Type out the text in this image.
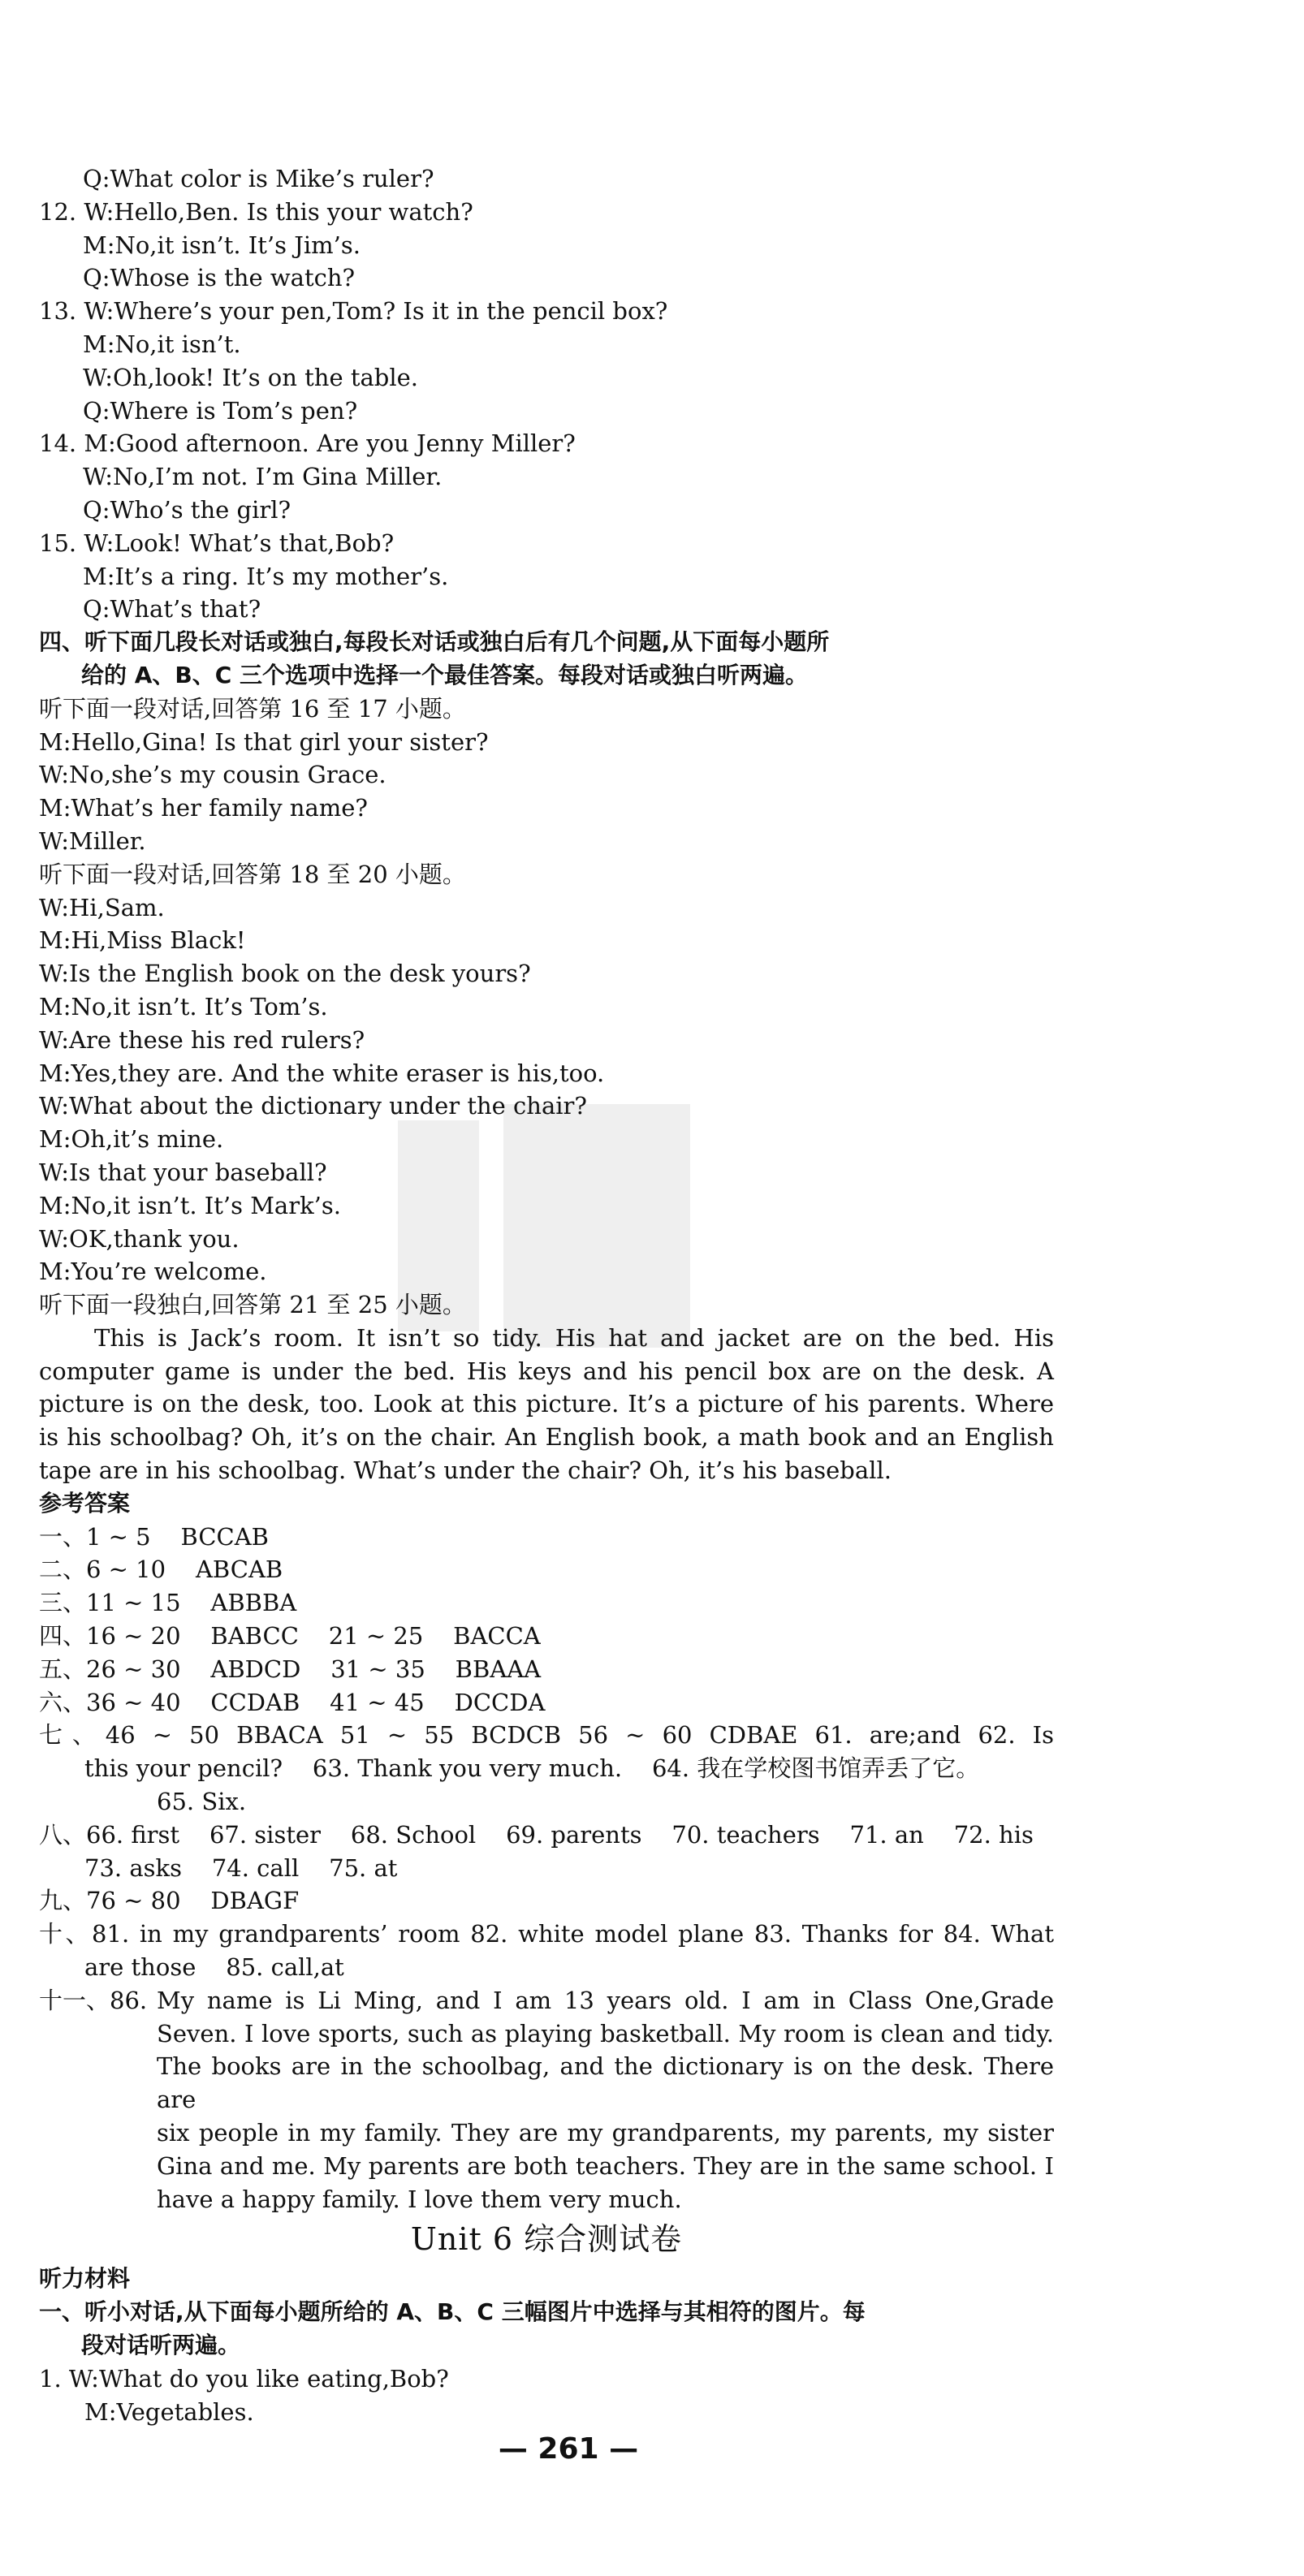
Q:What color is Mike’s ruler?
12. W:Hello,Ben. Is this your watch?
M:No,it isn’t. It’s Jim’s.
Q:Whose is the watch?
13. W:Where’s your pen,Tom? Is it in the pencil box?
M:No,it isn’t.
W:Oh,look! It’s on the table.
Q:Where is Tom’s pen?
14. M:Good afternoon. Are you Jenny Miller?
W:No,I’m not. I’m Gina Miller.
Q:Who’s the girl?
15. W:Look! What’s that,Bob?
M:It’s a ring. It’s my mother’s.
Q:What’s that?
四、听下面几段长对话或独白,每段长对话或独白后有几个问题,从下面每小题所
给的 A、B、C 三个选项中选择一个最佳答案。每段对话或独白听两遍。
听下面一段对话,回答第 16 至 17 小题。
M:Hello,Gina! Is that girl your sister?
W:No,she’s my cousin Grace.
M:What’s her family name?
W:Miller.
听下面一段对话,回答第 18 至 20 小题。
W:Hi,Sam.
M:Hi,Miss Black!
W:Is the English book on the desk yours?
M:No,it isn’t. It’s Tom’s.
W:Are these his red rulers?
M:Yes,they are. And the white eraser is his,too.
W:What about the dictionary under the chair?
M:Oh,it’s mine.
W:Is that your baseball?
M:No,it isn’t. It’s Mark’s.
W:OK,thank you.
M:You’re welcome.
听下面一段独白,回答第 21 至 25 小题。
This is Jack’s room. It isn’t so tidy. His hat and jacket are on the bed. His computer game is under the bed. His keys and his pencil box are on the desk. A picture is on the desk, too. Look at this picture. It’s a picture of his parents. Where is his schoolbag? Oh, it’s on the chair. An English book, a math book and an English tape are in his schoolbag. What’s under the chair? Oh, it’s his baseball.
参考答案
一、1 ~ 5    BCCAB
二、6 ~ 10    ABCAB
三、11 ~ 15    ABBBA
四、16 ~ 20    BABCC    21 ~ 25    BACCA
五、26 ~ 30    ABDCD    31 ~ 35    BBAAA
六、36 ~ 40    CCDAB    41 ~ 45    DCCDA
七、46 ~ 50 BBACA 51 ~ 55 BCDCB 56 ~ 60 CDBAE 61. are;and 62. Is
this your pencil?    63. Thank you very much.    64. 我在学校图书馆弄丢了它。
65. Six.
八、66. first    67. sister    68. School    69. parents    70. teachers    71. an    72. his
73. asks    74. call    75. at
九、76 ~ 80    DBAGF
十、81. in my grandparents’ room 82. white model plane 83. Thanks for 84. What
are those    85. call,at
十一、86. My name is Li Ming, and I am 13 years old. I am in Class One,Grade
Seven. I love sports, such as playing basketball. My room is clean and tidy.
The books are in the schoolbag, and the dictionary is on the desk. There are
six people in my family. They are my grandparents, my parents, my sister
Gina and me. My parents are both teachers. They are in the same school. I
have a happy family. I love them very much.
Unit 6 综合测试卷
听力材料
一、听小对话,从下面每小题所给的 A、B、C 三幅图片中选择与其相符的图片。每
段对话听两遍。
1. W:What do you like eating,Bob?
M:Vegetables.
— 261 —
